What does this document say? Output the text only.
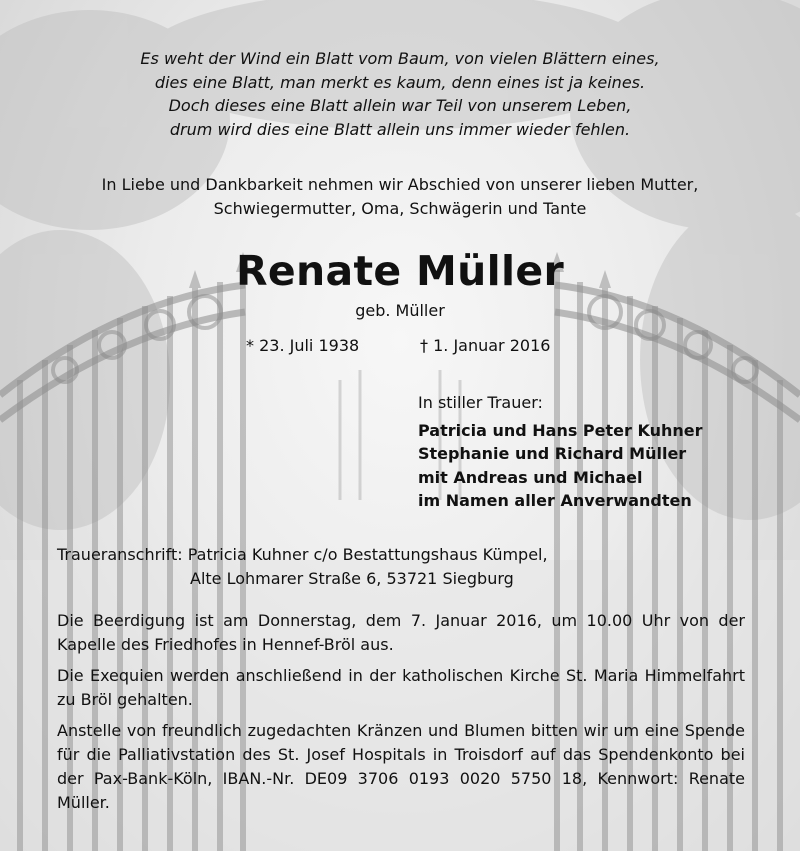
Es weht der Wind ein Blatt vom Baum, von vielen Blättern eines,
dies eine Blatt, man merkt es kaum, denn eines ist ja keines.
Doch dieses eine Blatt allein war Teil von unserem Leben,
drum wird dies eine Blatt allein uns immer wieder fehlen.
In Liebe und Dankbarkeit nehmen wir Abschied von unserer lieben Mutter,
Schwiegermutter, Oma, Schwägerin und Tante
Renate Müller
geb. Müller
* 23. Juli 1938	† 1. Januar 2016
In stiller Trauer:
Patricia und Hans Peter Kuhner
Stephanie und Richard Müller
mit Andreas und Michael
im Namen aller Anverwandten
Traueranschrift: Patricia Kuhner c/o Bestattungshaus Kümpel,
Alte Lohmarer Straße 6, 53721 Siegburg

Die Beerdigung ist am Donnerstag, dem 7. Januar 2016, um 10.00 Uhr von der Kapelle des Friedhofes in Hennef-Bröl aus.

Die Exequien werden anschließend in der katholischen Kirche St. Maria Himmelfahrt zu Bröl gehalten.

Anstelle von freundlich zugedachten Kränzen und Blumen bitten wir um eine Spende für die Palliativstation des St. Josef Hospitals in Troisdorf auf das Spendenkonto bei der Pax-Bank-Köln, IBAN.-Nr. DE09 3706 0193 0020 5750 18, Kennwort: Renate Müller.
